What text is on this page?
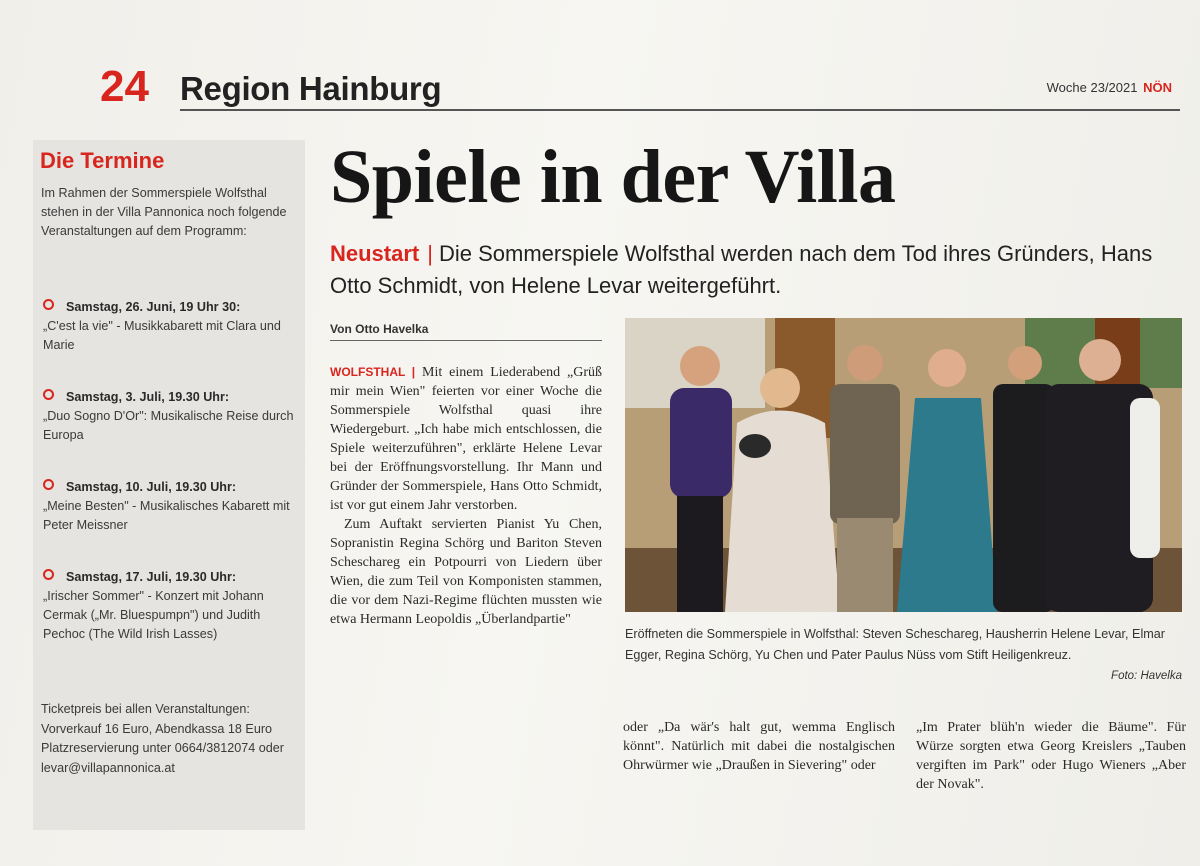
24 Region Hainburg	Woche 23/2021 NÖN
Die Termine
Im Rahmen der Sommerspiele Wolfsthal stehen in der Villa Pannonica noch folgende Veranstaltungen auf dem Programm:
Samstag, 26. Juni, 19 Uhr 30:
„C'est la vie" - Musikkabarett mit Clara und Marie
Samstag, 3. Juli, 19.30 Uhr:
„Duo Sogno D'Or": Musikalische Reise durch Europa
Samstag, 10. Juli, 19.30 Uhr:
„Meine Besten" - Musikalisches Kabarett mit Peter Meissner
Samstag, 17. Juli, 19.30 Uhr:
„Irischer Sommer" - Konzert mit Johann Cermak („Mr. Bluespumpn") und Judith Pechoc (The Wild Irish Lasses)
Ticketpreis bei allen Veranstaltungen: Vorverkauf 16 Euro, Abendkassa 18 Euro Platzreservierung unter 0664/3812074 oder levar@villapannonica.at
Spiele in der Villa
Neustart | Die Sommerspiele Wolfsthal werden nach dem Tod ihres Gründers, Hans Otto Schmidt, von Helene Levar weitergeführt.
Von Otto Havelka
WOLFSTHAL | Mit einem Liederabend „Grüß mir mein Wien" feierten vor einer Woche die Sommerspiele Wolfsthal quasi ihre Wiedergeburt. „Ich habe mich entschlossen, die Spiele weiterzuführen", erklärte Helene Levar bei der Eröffnungsvorstellung. Ihr Mann und Gründer der Sommerspiele, Hans Otto Schmidt, ist vor gut einem Jahr verstorben.
Zum Auftakt servierten Pianist Yu Chen, Sopranistin Regina Schörg und Bariton Steven Scheschareg ein Potpourri von Liedern über Wien, die zum Teil von Komponisten stammen, die vor dem Nazi-Regime flüchten mussten wie etwa Hermann Leopoldis „Überlandpartie"
Eröffneten die Sommerspiele in Wolfsthal: Steven Scheschareg, Hausherrin Helene Levar, Elmar Egger, Regina Schörg, Yu Chen und Pater Paulus Nüss vom Stift Heiligenkreuz.
Foto: Havelka
oder „Da wär's halt gut, wemma Englisch könnt". Natürlich mit dabei die nostalgischen Ohrwürmer wie „Draußen in Sievering" oder
„Im Prater blüh'n wieder die Bäume". Für Würze sorgten etwa Georg Kreislers „Tauben vergiften im Park" oder Hugo Wieners „Aber der Novak".
